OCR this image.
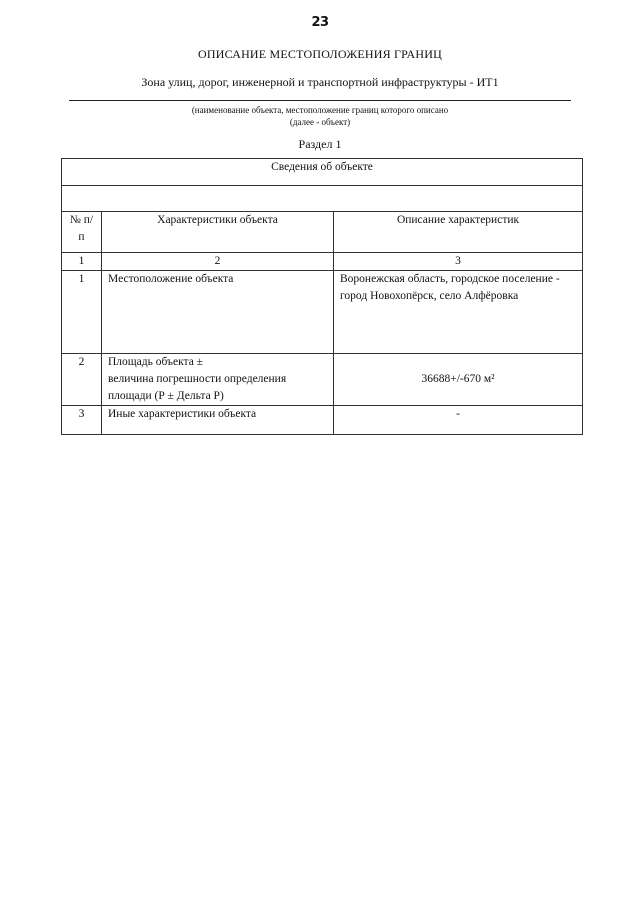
23
ОПИСАНИЕ МЕСТОПОЛОЖЕНИЯ ГРАНИЦ
Зона улиц, дорог, инженерной и транспортной инфраструктуры - ИТ1
(наименование объекта, местоположение границ которого описано
(далее - объект)
Раздел 1
Сведения об объекте		

№ п/п	Характеристики объекта	Описание характеристик
1	2	3
1	Местоположение объекта	Воронежская область, городское поселение - город Новохопёрск, село Алфёровка
2	Площадь объекта ±
величина погрешности определения
площади (Р ± Дельта Р)	36688+/-670 м²
3	Иные характеристики объекта	-
